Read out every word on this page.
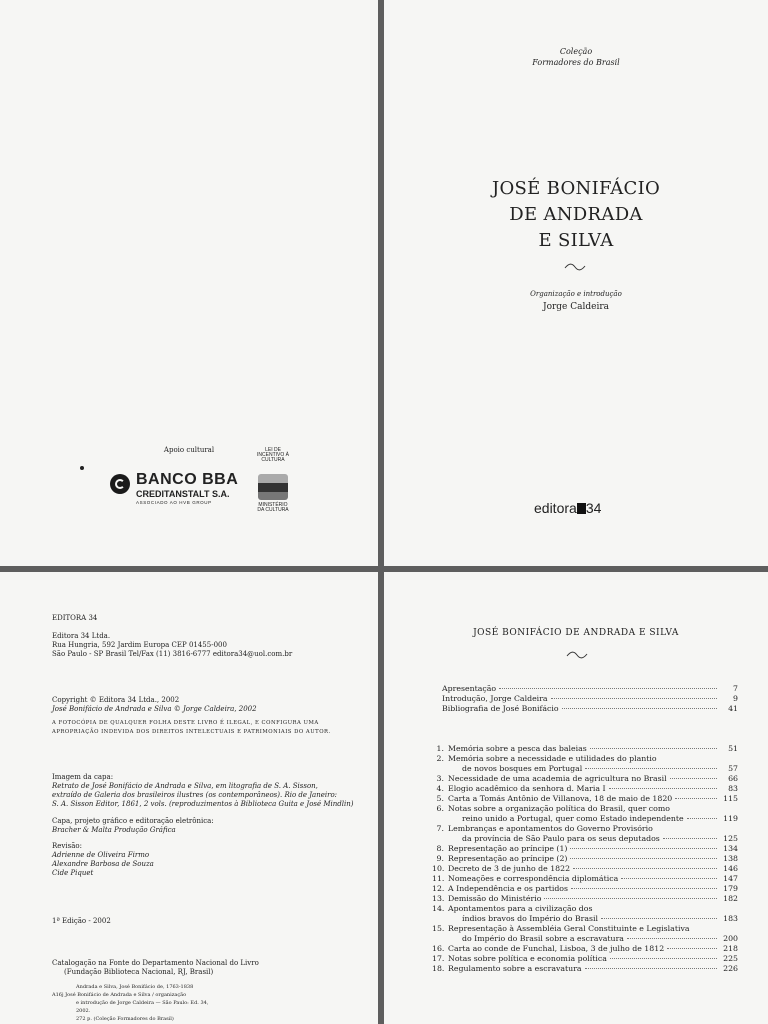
Apoio cultural
BANCO BBA
CREDITANSTALT S.A.
ASSOCIADO AO HVB GROUP
LEI DE INCENTIVO À CULTURA
MINISTÉRIO DA CULTURA
Coleção
Formadores do Brasil
JOSÉ BONIFÁCIO
DE ANDRADA
E SILVA
Organização e introdução
Jorge Caldeira
editora 34
EDITORA 34
Editora 34 Ltda.
Rua Hungria, 592 Jardim Europa CEP 01455-000
São Paulo - SP Brasil Tel/Fax (11) 3816-6777 editora34@uol.com.br
Copyright © Editora 34 Ltda., 2002
José Bonifácio de Andrada e Silva © Jorge Caldeira, 2002
A FOTOCÓPIA DE QUALQUER FOLHA DESTE LIVRO É ILEGAL, E CONFIGURA UMA
APROPRIAÇÃO INDEVIDA DOS DIREITOS INTELECTUAIS E PATRIMONIAIS DO AUTOR.
Imagem da capa:
Retrato de José Bonifácio de Andrada e Silva, em litografia de S. A. Sisson,
extraído de Galeria dos brasileiros ilustres (os contemporâneos). Rio de Janeiro:
S. A. Sisson Editor, 1861, 2 vols. (reproduzimentos à Biblioteca Guita e José Mindlin)
Capa, projeto gráfico e editoração eletrônica:
Bracher & Malta Produção Gráfica
Revisão:
Adrienne de Oliveira Firmo
Alexandre Barbosa de Souza
Cide Piquet
1ª Edição - 2002
Catalogação na Fonte do Departamento Nacional do Livro
(Fundação Biblioteca Nacional, RJ, Brasil)
Andrada e Silva, José Bonifácio de, 1763-1838
A16j José Bonifácio de Andrada e Silva / organização
e introdução de Jorge Caldeira — São Paulo: Ed. 34,
2002.
272 p. (Coleção Formadores do Brasil)
JOSÉ BONIFÁCIO DE ANDRADA E SILVA
Apresentação	7
Introdução, Jorge Caldeira	9
Bibliografia de José Bonifácio	41
1. Memória sobre a pesca das baleias	51
2. Memória sobre a necessidade e utilidades do plantio
de novos bosques em Portugal	57
3. Necessidade de uma academia de agricultura no Brasil	66
4. Elogio acadêmico da senhora d. Maria I	83
5. Carta a Tomás Antônio de Villanova, 18 de maio de 1820	115
6. Notas sobre a organização política do Brasil, quer como
reino unido a Portugal, quer como Estado independente	119
7. Lembranças e apontamentos do Governo Provisório
da província de São Paulo para os seus deputados	125
8. Representação ao príncipe (1)	134
9. Representação ao príncipe (2)	138
10. Decreto de 3 de junho de 1822	146
11. Nomeações e correspondência diplomática	147
12. A Independência e os partidos	179
13. Demissão do Ministério	182
14. Apontamentos para a civilização dos
índios bravos do Império do Brasil	183
15. Representação à Assembléia Geral Constituinte e Legislativa
do Império do Brasil sobre a escravatura	200
16. Carta ao conde de Funchal, Lisboa, 3 de julho de 1812	218
17. Notas sobre política e economia política	225
18. Regulamento sobre a escravatura	226
